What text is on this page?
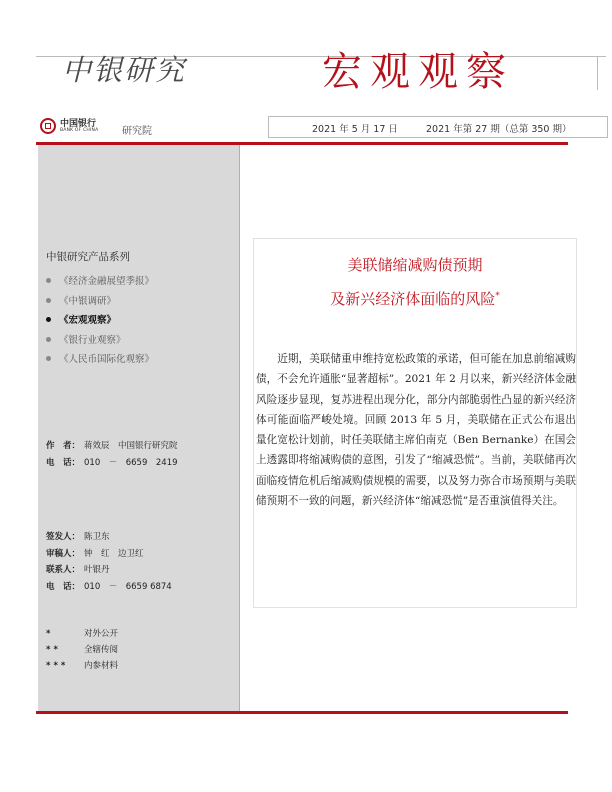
中银研究	宏观观察
中国银行
BANK OF CHINA 研究院	2021 年 5 月 17 日	2021 年第 27 期（总第 350 期）
中银研究产品系列
《经济金融展望季报》
《中银调研》
《宏观观察》
《银行业观察》
《人民币国际化观察》
作　者： 蒋效辰　中国银行研究院
电　话： 010　－　6659　2419
签发人： 陈卫东
审稿人： 钟　红　边卫红
联系人： 叶银丹
电　话： 010　－　6659 6874
*	对外公开
**	全辖传阅
*** 内参材料
美联储缩减购债预期
及新兴经济体面临的风险*

近期，美联储重申维持宽松政策的承诺，但可能在加息前缩减购债，不会允许通胀“显著超标”。2021 年 2 月以来，新兴经济体金融风险逐步显现，复苏进程出现分化，部分内部脆弱性凸显的新兴经济体可能面临严峻处境。回顾 2013 年 5 月，美联储在正式公布退出量化宽松计划前，时任美联储主席伯南克（Ben Bernanke）在国会上透露即将缩减购债的意图，引发了“缩减恐慌”。当前，美联储再次面临疫情危机后缩减购债规模的需要，以及努力弥合市场预期与美联储预期不一致的问题，新兴经济体“缩减恐慌”是否重演值得关注。
